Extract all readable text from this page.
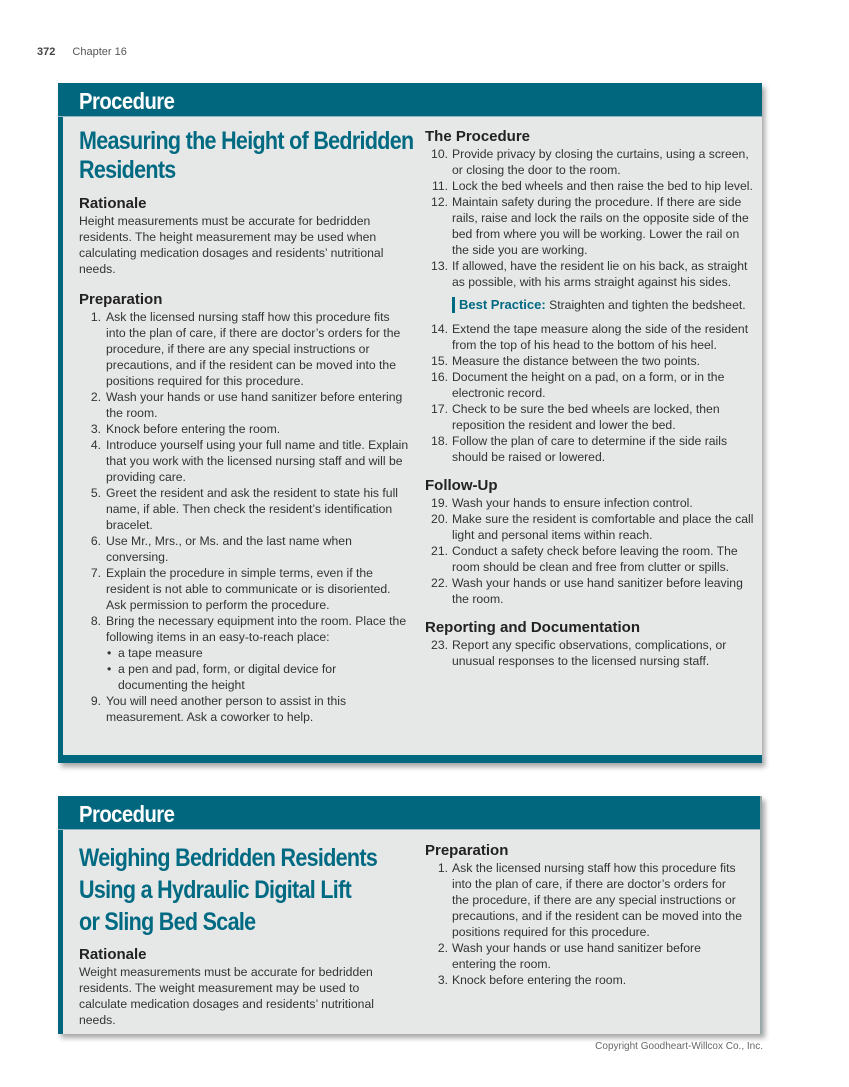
372 Chapter 16
Procedure
Measuring the Height of Bedridden
Residents
Rationale

Height measurements must be accurate for bedridden residents. The height measurement may be used when calculating medication dosages and residents’ nutritional needs.

Preparation
1. Ask the licensed nursing staff how this procedure fits into the plan of care, if there are doctor’s orders for the procedure, if there are any special instructions or precautions, and if the resident can be moved into the positions required for this procedure.
2. Wash your hands or use hand sanitizer before entering the room.
3. Knock before entering the room.
4. Introduce yourself using your full name and title. Explain that you work with the licensed nursing staff and will be providing care.
5. Greet the resident and ask the resident to state his full name, if able. Then check the resident’s identification bracelet.
6. Use Mr., Mrs., or Ms. and the last name when conversing.
7. Explain the procedure in simple terms, even if the resident is not able to communicate or is disoriented. Ask permission to perform the procedure.
8. Bring the necessary equipment into the room. Place the following items in an easy-to-reach place:
• a tape measure
• a pen and pad, form, or digital device for documenting the height
9. You will need another person to assist in this measurement. Ask a coworker to help.
The Procedure
10. Provide privacy by closing the curtains, using a screen, or closing the door to the room.
11. Lock the bed wheels and then raise the bed to hip level.
12. Maintain safety during the procedure. If there are side rails, raise and lock the rails on the opposite side of the bed from where you will be working. Lower the rail on the side you are working.
13. If allowed, have the resident lie on his back, as straight as possible, with his arms straight against his sides.
Best Practice: Straighten and tighten the bedsheet.
14. Extend the tape measure along the side of the resident from the top of his head to the bottom of his heel.
15. Measure the distance between the two points.
16. Document the height on a pad, on a form, or in the electronic record.
17. Check to be sure the bed wheels are locked, then reposition the resident and lower the bed.
18. Follow the plan of care to determine if the side rails should be raised or lowered.
Follow-Up
19. Wash your hands to ensure infection control.
20. Make sure the resident is comfortable and place the call light and personal items within reach.
21. Conduct a safety check before leaving the room. The room should be clean and free from clutter or spills.
22. Wash your hands or use hand sanitizer before leaving the room.
Reporting and Documentation
23. Report any specific observations, complications, or unusual responses to the licensed nursing staff.
Procedure
Weighing Bedridden Residents
Using a Hydraulic Digital Lift
or Sling Bed Scale
Rationale

Weight measurements must be accurate for bedridden residents. The weight measurement may be used to calculate medication dosages and residents’ nutritional needs.

Preparation
1. Ask the licensed nursing staff how this procedure fits into the plan of care, if there are doctor’s orders for the procedure, if there are any special instructions or precautions, and if the resident can be moved into the positions required for this procedure.
2. Wash your hands or use hand sanitizer before entering the room.
3. Knock before entering the room.
Copyright Goodheart-Willcox Co., Inc.
